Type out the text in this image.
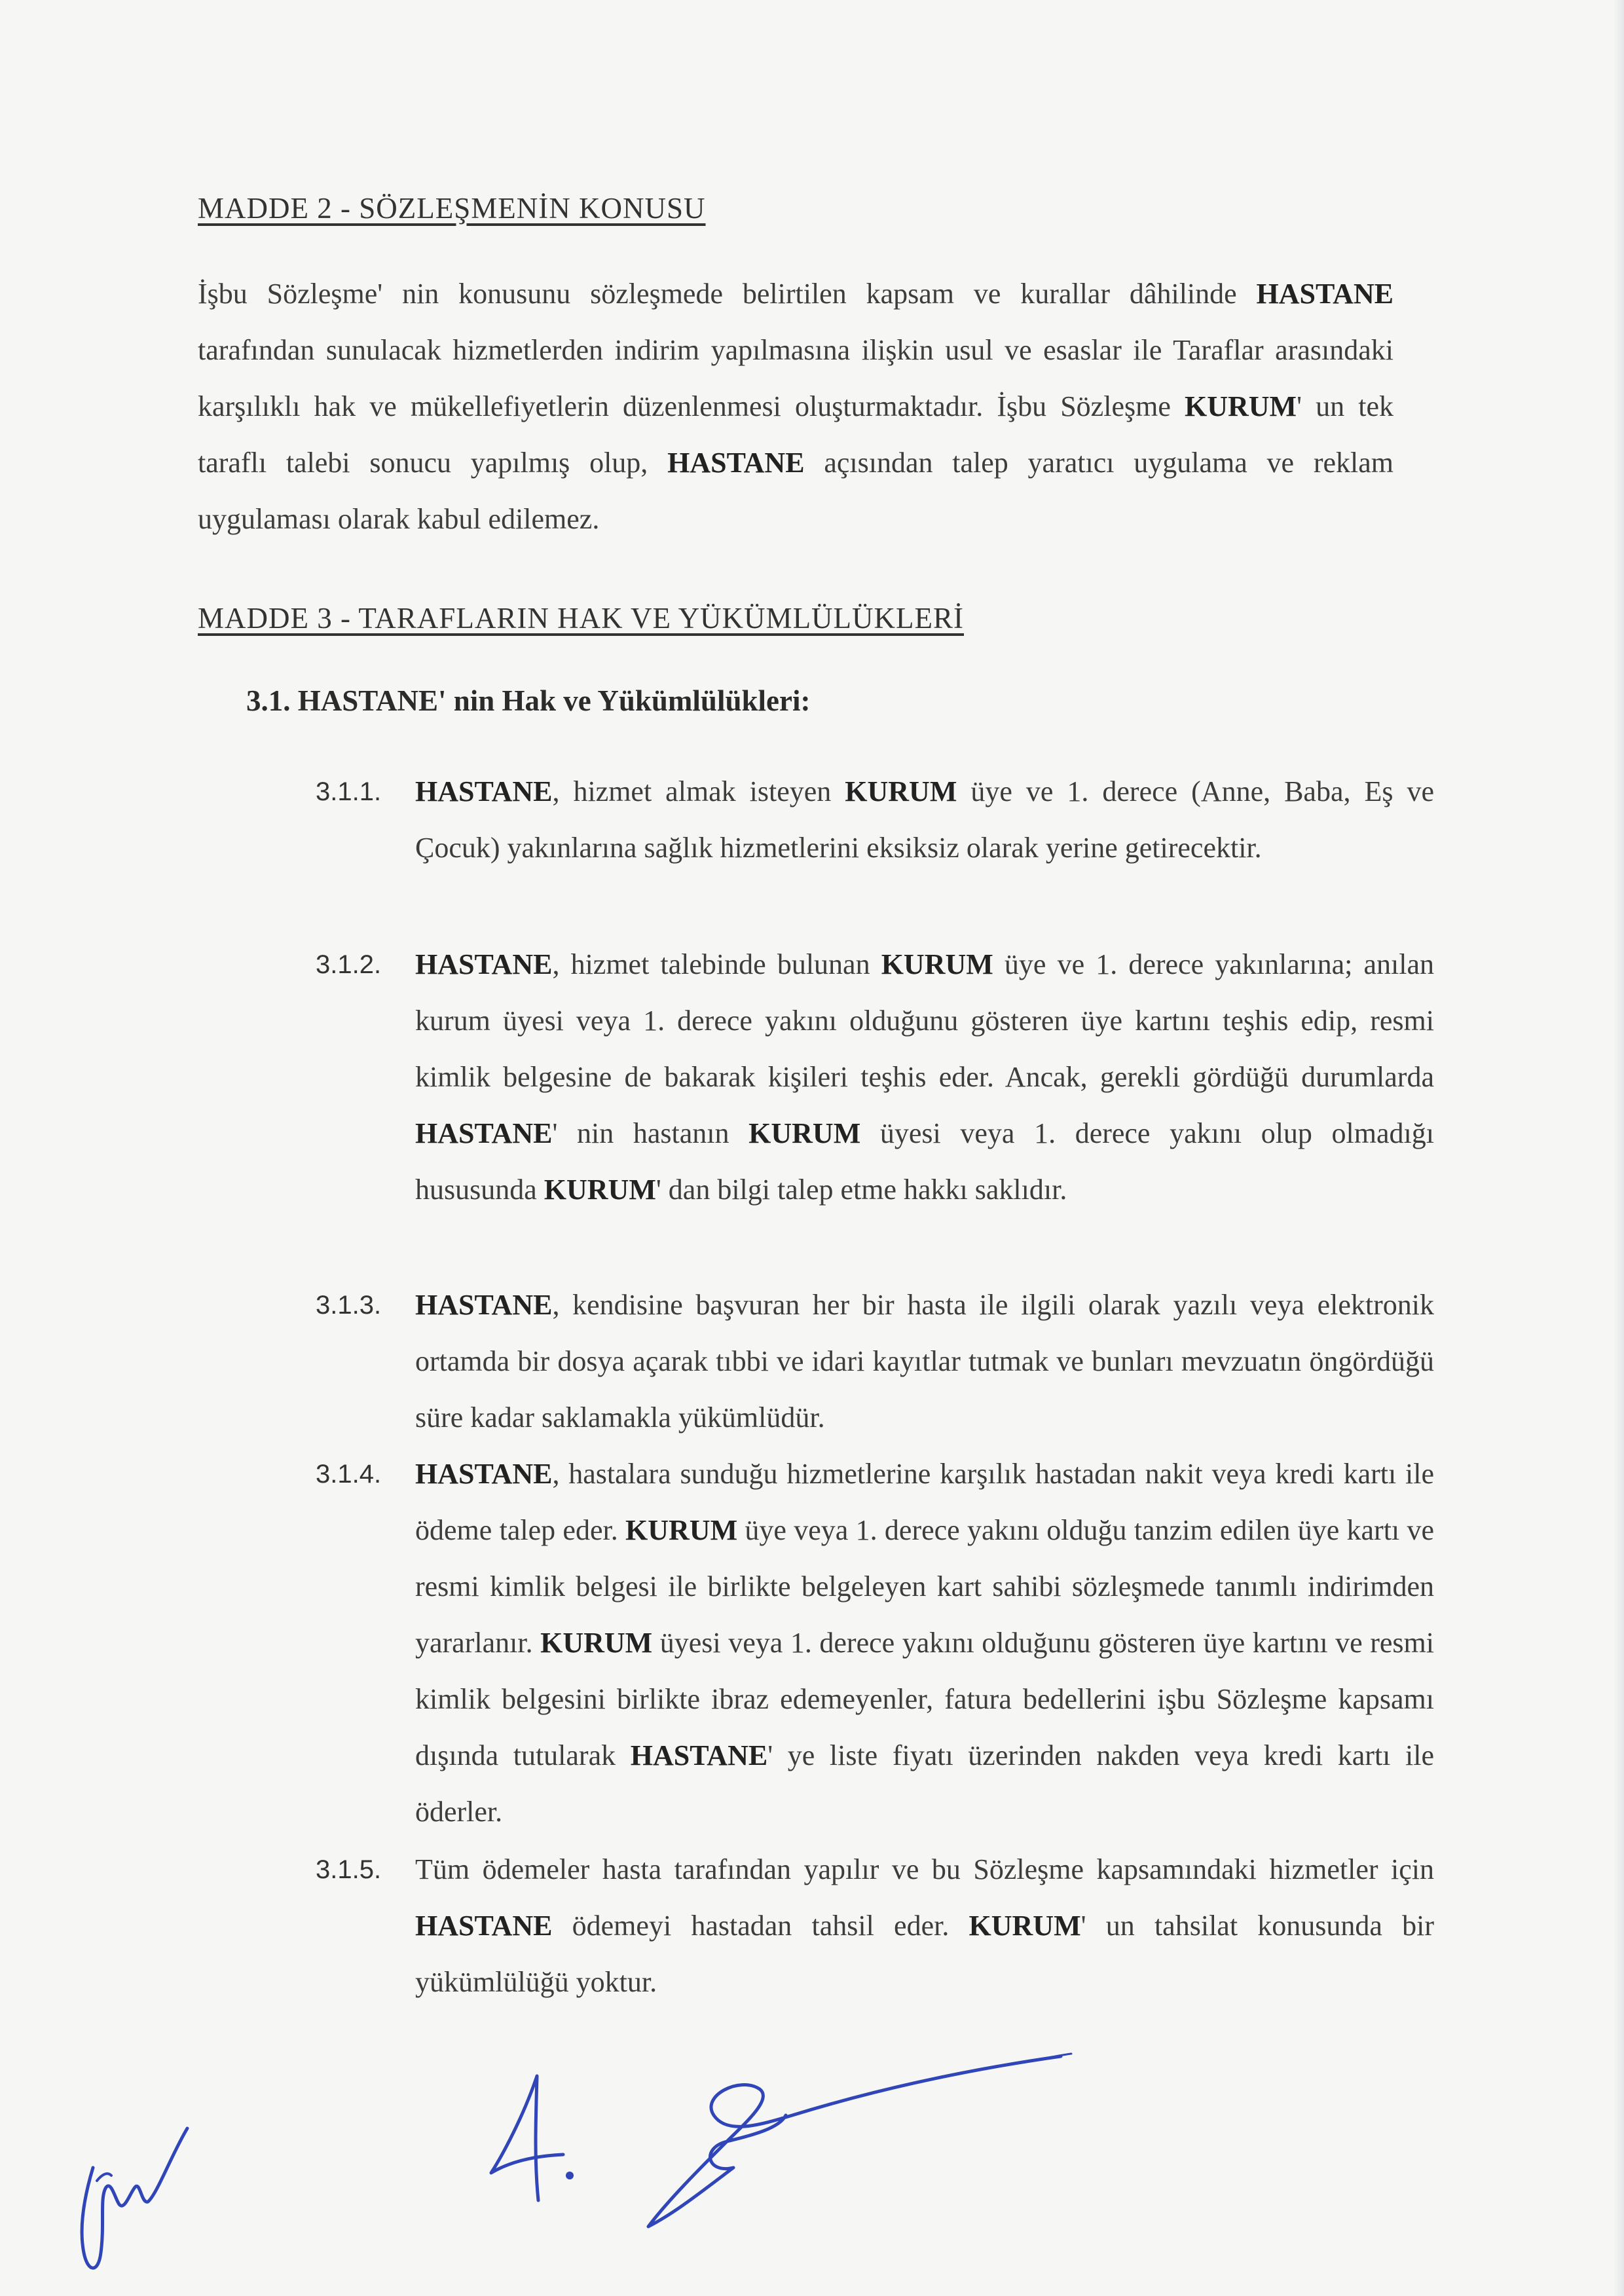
MADDE 2 - SÖZLEŞMENİN KONUSU
İşbu Sözleşme' nin konusunu sözleşmede belirtilen kapsam ve kurallar dâhilinde HASTANE tarafından sunulacak hizmetlerden indirim yapılmasına ilişkin usul ve esaslar ile Taraflar arasındaki karşılıklı hak ve mükellefiyetlerin düzenlenmesi oluşturmaktadır. İşbu Sözleşme KURUM' un tek taraflı talebi sonucu yapılmış olup, HASTANE açısından talep yaratıcı uygulama ve reklam uygulaması olarak kabul edilemez.
MADDE 3 - TARAFLARIN HAK VE YÜKÜMLÜLÜKLERİ
3.1. HASTANE' nin Hak ve Yükümlülükleri:
3.1.1. HASTANE, hizmet almak isteyen KURUM üye ve 1. derece (Anne, Baba, Eş ve Çocuk) yakınlarına sağlık hizmetlerini eksiksiz olarak yerine getirecektir.
3.1.2. HASTANE, hizmet talebinde bulunan KURUM üye ve 1. derece yakınlarına; anılan kurum üyesi veya 1. derece yakını olduğunu gösteren üye kartını teşhis edip, resmi kimlik belgesine de bakarak kişileri teşhis eder. Ancak, gerekli gördüğü durumlarda HASTANE' nin hastanın KURUM üyesi veya 1. derece yakını olup olmadığı hususunda KURUM' dan bilgi talep etme hakkı saklıdır.
3.1.3. HASTANE, kendisine başvuran her bir hasta ile ilgili olarak yazılı veya elektronik ortamda bir dosya açarak tıbbi ve idari kayıtlar tutmak ve bunları mevzuatın öngördüğü süre kadar saklamakla yükümlüdür.
3.1.4. HASTANE, hastalara sunduğu hizmetlerine karşılık hastadan nakit veya kredi kartı ile ödeme talep eder. KURUM üye veya 1. derece yakını olduğu tanzim edilen üye kartı ve resmi kimlik belgesi ile birlikte belgeleyen kart sahibi sözleşmede tanımlı indirimden yararlanır. KURUM üyesi veya 1. derece yakını olduğunu gösteren üye kartını ve resmi kimlik belgesini birlikte ibraz edemeyenler, fatura bedellerini işbu Sözleşme kapsamı dışında tutularak HASTANE' ye liste fiyatı üzerinden nakden veya kredi kartı ile öderler.
3.1.5. Tüm ödemeler hasta tarafından yapılır ve bu Sözleşme kapsamındaki hizmetler için HASTANE ödemeyi hastadan tahsil eder. KURUM' un tahsilat konusunda bir yükümlülüğü yoktur.
